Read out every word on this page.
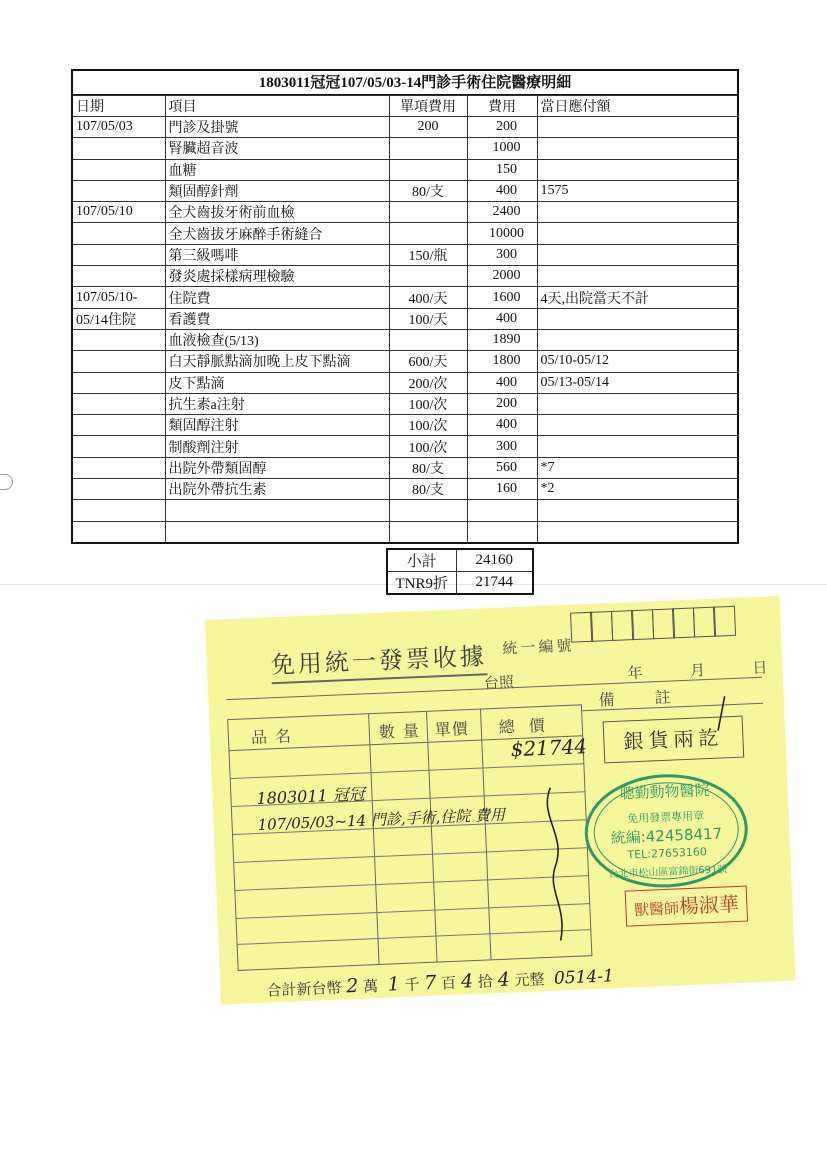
1803011冠冠107/05/03-14門診手術住院醫療明細
日期	項目	單項費用	費用	當日應付額
107/05/03	門診及掛號	200	200	
	腎臟超音波		1000	
	血糖		150	
	類固醇針劑	80/支	400	1575
107/05/10	全犬齒拔牙術前血檢		2400	
	全犬齒拔牙麻醉手術縫合		10000	
	第三級嗎啡	150/瓶	300	
	發炎處採樣病理檢驗		2000	
107/05/10-	住院費	400/天	1600	4天,出院當天不計
05/14住院	看護費	100/天	400	
	血液檢查(5/13)		1890	
	白天靜脈點滴加晚上皮下點滴	600/天	1800	05/10-05/12
	皮下點滴	200/次	400	05/13-05/14
	抗生素a注射	100/次	200	
	類固醇注射	100/次	400	
	制酸劑注射	100/次	300	
	出院外帶類固醇	80/支	560	*7
	出院外帶抗生素	80/支	160	*2

小計	24160
TNR9折	21744
免用統一發票收據 統一編號
台照
年	月	日
品名	數量 單價 總價
備註
銀貨兩訖
聰勤動物醫院
免用發票專用章
統編:42458417
TEL:27653160
台北市松山區富錦街691號
獸醫師楊淑華
$21744
1803011 冠冠
107/05/03~14 門診,手術,住院 費用
合計新台幣 2 萬 1 千 7 百 4 拾 4 元整 0514-1
